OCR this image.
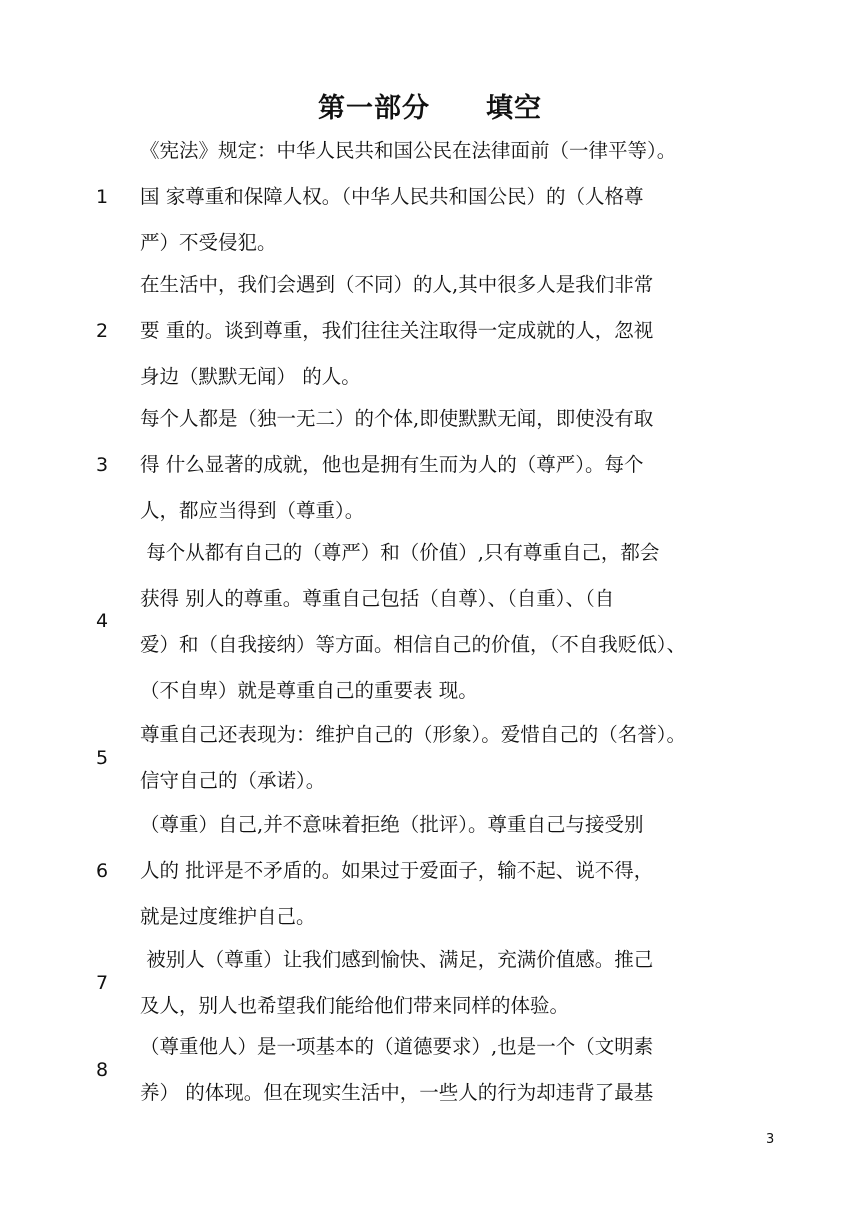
第一部分　　填空
1
《宪法》规定：中华人民共和国公民在法律面前（一律平等）。
国 家尊重和保障人权。（中华人民共和国公民）的（人格尊
严）不受侵犯。
2
在生活中，我们会遇到（不同）的人,其中很多人是我们非常
要 重的。谈到尊重，我们往往关注取得一定成就的人，忽视
身边（默默无闻） 的人。
3
每个人都是（独一无二）的个体,即使默默无闻，即使没有取
得 什么显著的成就，他也是拥有生而为人的（尊严）。每个
人，都应当得到（尊重）。
4
每个从都有自己的（尊严）和（价值）,只有尊重自己，都会
获得 别人的尊重。尊重自己包括（自尊）、（自重）、（自
爱）和（自我接纳）等方面。相信自己的价值，（不自我贬低）、
（不自卑）就是尊重自己的重要表 现。
5
尊重自己还表现为：维护自己的（形象）。爱惜自己的（名誉）。
信守自己的（承诺）。
6
（尊重）自己,并不意味着拒绝（批评）。尊重自己与接受别
人的 批评是不矛盾的。如果过于爱面子，输不起、说不得，
就是过度维护自己。
7
被别人（尊重）让我们感到愉快、满足，充满价值感。推己
及人，别人也希望我们能给他们带来同样的体验。
8
（尊重他人）是一项基本的（道德要求）,也是一个（文明素
养） 的体现。但在现实生活中，一些人的行为却违背了最基
3
